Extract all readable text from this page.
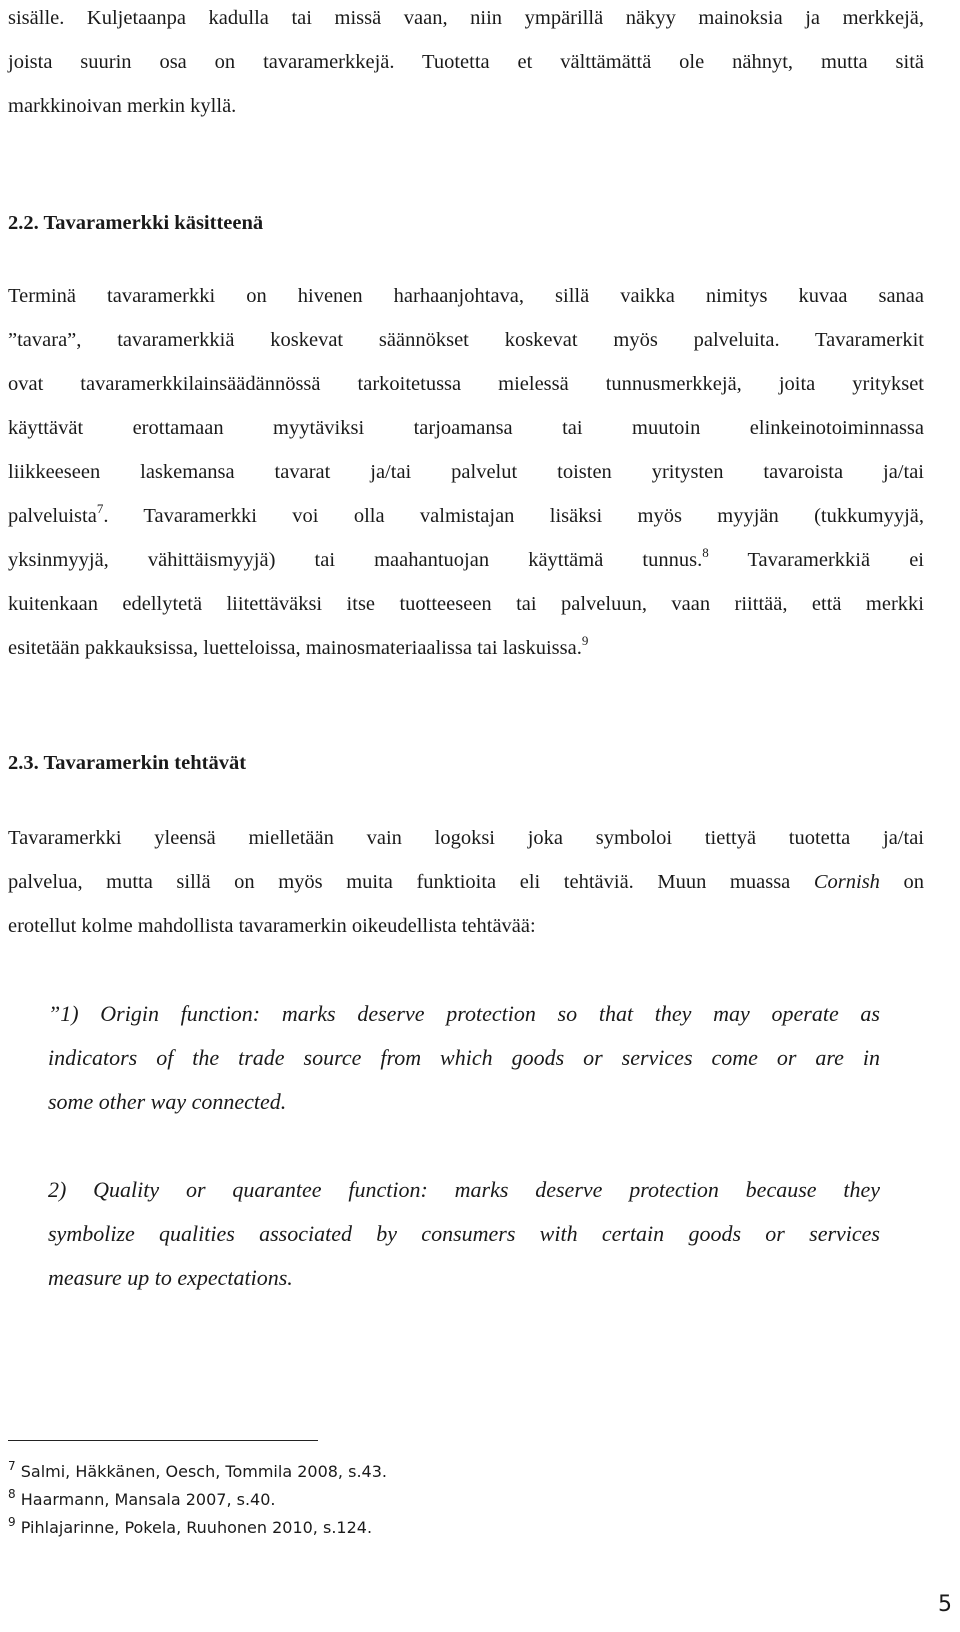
sisälle. Kuljetaanpa kadulla tai missä vaan, niin ympärillä näkyy mainoksia ja merkkejä,
joista suurin osa on tavaramerkkejä. Tuotetta et välttämättä ole nähnyt, mutta sitä
markkinoivan merkin kyllä.
2.2. Tavaramerkki käsitteenä
Terminä tavaramerkki on hivenen harhaanjohtava, sillä vaikka nimitys kuvaa sanaa
”tavara”, tavaramerkkiä koskevat säännökset koskevat myös palveluita. Tavaramerkit
ovat tavaramerkkilainsäädännössä tarkoitetussa mielessä tunnusmerkkejä, joita yritykset
käyttävät erottamaan myytäviksi tarjoamansa tai muutoin elinkeinotoiminnassa
liikkeeseen laskemansa tavarat ja/tai palvelut toisten yritysten tavaroista ja/tai
palveluista$^7$. Tavaramerkki voi olla valmistajan lisäksi myös myyjän (tukkumyyjä,
yksinmyyjä, vähittäismyyjä) tai maahantuojan käyttämä tunnus.$^8$ Tavaramerkkiä ei
kuitenkaan edellytetä liitettäväksi itse tuotteeseen tai palveluun, vaan riittää, että merkki
esitetään pakkauksissa, luetteloissa, mainosmateriaalissa tai laskuissa.$^9$
2.3. Tavaramerkin tehtävät
Tavaramerkki yleensä mielletään vain logoksi joka symboloi tiettyä tuotetta ja/tai
palvelua, mutta sillä on myös muita funktioita eli tehtäviä. Muun muassa Cornish on
erotellut kolme mahdollista tavaramerkin oikeudellista tehtävää:
”1) Origin function: marks deserve protection so that they may operate as
indicators of the trade source from which goods or services come or are in
some other way connected.
2) Quality or quarantee function: marks deserve protection because they
symbolize qualities associated by consumers with certain goods or services
measure up to expectations.
$^7$ Salmi, Häkkänen, Oesch, Tommila 2008, s.43.
$^8$ Haarmann, Mansala 2007, s.40.
$^9$ Pihlajarinne, Pokela, Ruuhonen 2010, s.124.
5
